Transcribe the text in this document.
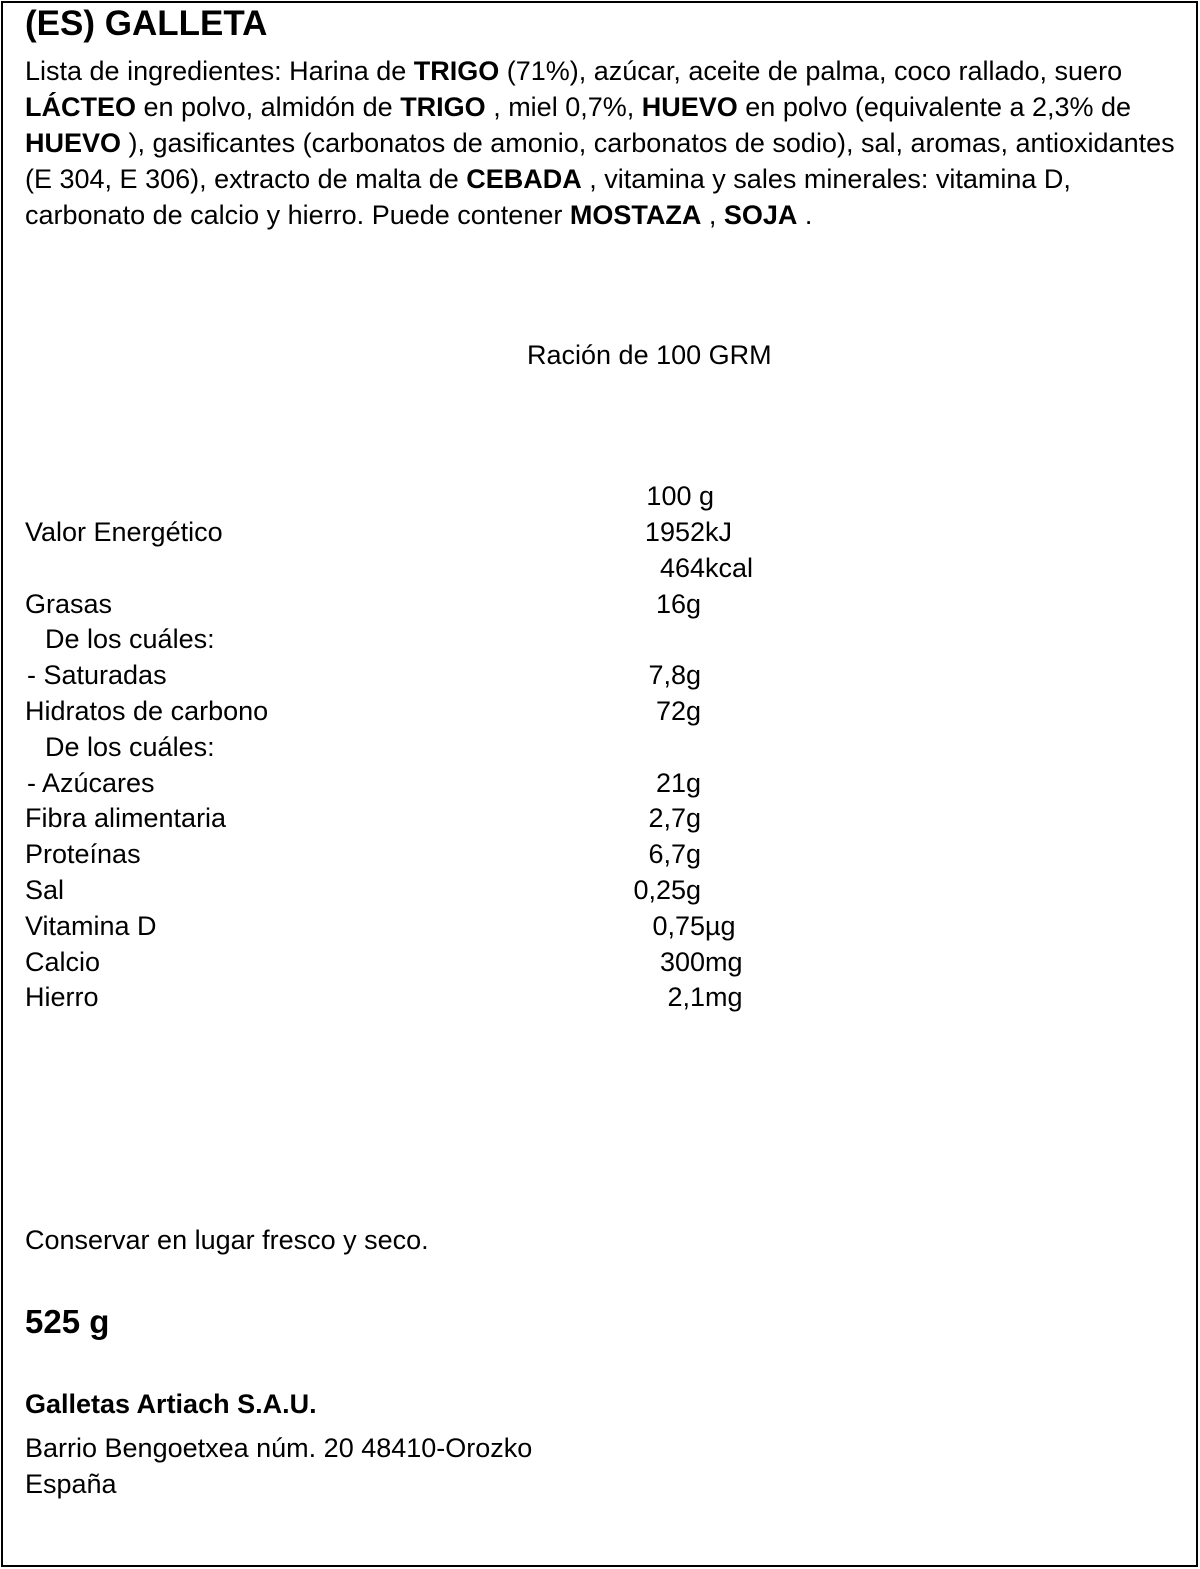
(ES) GALLETA
Lista de ingredientes: Harina de TRIGO (71%), azúcar, aceite de palma, coco rallado, suero LÁCTEO en polvo, almidón de TRIGO , miel 0,7%, HUEVO en polvo (equivalente a 2,3% de HUEVO ), gasificantes (carbonatos de amonio, carbonatos de sodio), sal, aromas, antioxidantes (E 304, E 306), extracto de malta de CEBADA , vitamina y sales minerales: vitamina D, carbonato de calcio y hierro. Puede contener MOSTAZA , SOJA .
Ración de 100 GRM
100 g
Valor Energético	1952 kJ
464 kcal
Grasas	16 g
De los cuáles:
- Saturadas	7,8 g
Hidratos de carbono	72 g
De los cuáles:
- Azúcares	21 g
Fibra alimentaria	2,7 g
Proteínas	6,7 g
Sal	0,25 g
Vitamina D	0,75 µg
Calcio	300 mg
Hierro	2,1 mg
Conservar en lugar fresco y seco.
525 g
Galletas Artiach S.A.U.
Barrio Bengoetxea núm. 20 48410-Orozko
España
